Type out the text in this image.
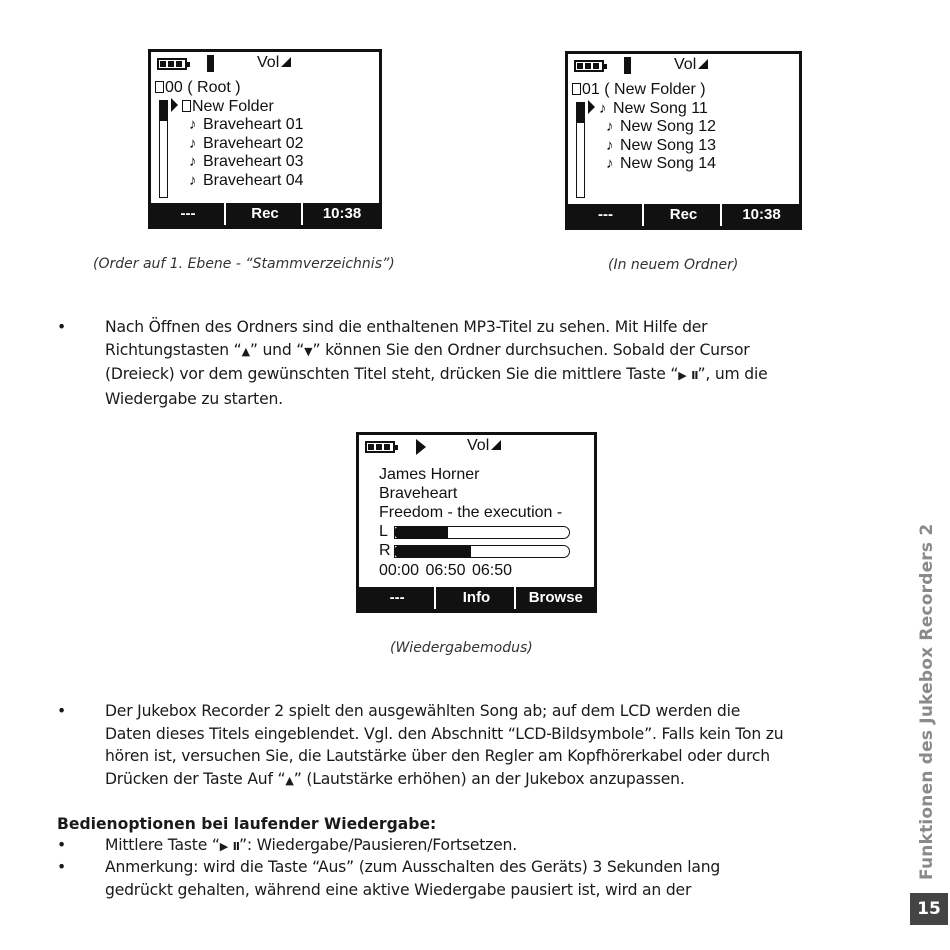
Vol
00 ( Root )
New Folder
♪ Braveheart 01
♪ Braveheart 02
♪ Braveheart 03
♪ Braveheart 04
---	Rec	10:38
(Order auf 1. Ebene - “Stammverzeichnis”)
Vol
01 ( New Folder )
♪ New Song 11
♪ New Song 12
♪ New Song 13
♪ New Song 14
---	Rec	10:38
(In neuem Ordner)
• Nach Öffnen des Ordners sind die enthaltenen MP3-Titel zu sehen. Mit Hilfe der
Richtungstasten “▲” und “▼” können Sie den Ordner durchsuchen. Sobald der Cursor
(Dreieck) vor dem gewünschten Titel steht, drücken Sie die mittlere Taste “▶ II”, um die
Wiedergabe zu starten.
Vol
James Horner
Braveheart
Freedom - the execution -
L
R
00:00 06:50 06:50
---	Info	Browse
(Wiedergabemodus)
• Der Jukebox Recorder 2 spielt den ausgewählten Song ab; auf dem LCD werden die
Daten dieses Titels eingeblendet. Vgl. den Abschnitt “LCD-Bildsymbole”. Falls kein Ton zu
hören ist, versuchen Sie, die Lautstärke über den Regler am Kopfhörerkabel oder durch
Drücken der Taste Auf “▲” (Lautstärke erhöhen) an der Jukebox anzupassen.
Bedienoptionen bei laufender Wiedergabe:
• Mittlere Taste “▶ II”: Wiedergabe/Pausieren/Fortsetzen.
• Anmerkung: wird die Taste “Aus” (zum Ausschalten des Geräts) 3 Sekunden lang
gedrückt gehalten, während eine aktive Wiedergabe pausiert ist, wird an der
Funktionen des Jukebox Recorders 2
15
